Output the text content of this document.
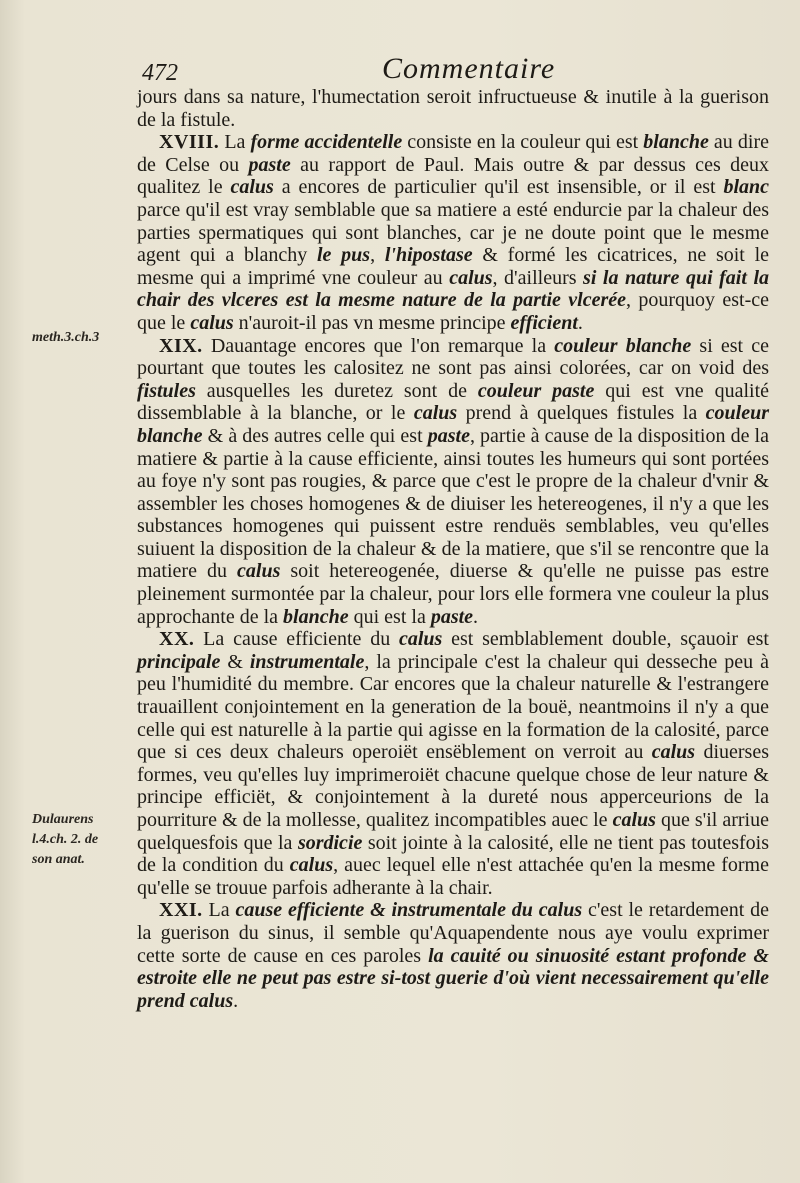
472	Commentaire
meth.3.ch.3
Dulaurens
l.4.ch. 2. de
son anat.

jours dans sa nature, l'humectation seroit infructueuse & inutile à la guerison de la fistule.

XVIII. La forme accidentelle consiste en la couleur qui est blanche au dire de Celse ou paste au rapport de Paul. Mais outre & par dessus ces deux qualitez le calus a encores de particulier qu'il est insensible, or il est blanc parce qu'il est vray semblable que sa matiere a esté endurcie par la chaleur des parties spermatiques qui sont blanches, car je ne doute point que le mesme agent qui a blanchy le pus, l'hipostase & formé les cicatrices, ne soit le mesme qui a imprimé vne couleur au calus, d'ailleurs si la nature qui fait la chair des vlceres est la mesme nature de la partie vlcerée, pourquoy est-ce que le calus n'auroit-il pas vn mesme principe efficient.

XIX. Dauantage encores que l'on remarque la couleur blanche si est ce pourtant que toutes les calositez ne sont pas ainsi colorées, car on void des fistules ausquelles les duretez sont de couleur paste qui est vne qualité dissemblable à la blanche, or le calus prend à quelques fistules la couleur blanche & à des autres celle qui est paste, partie à cause de la disposition de la matiere & partie à la cause efficiente, ainsi toutes les humeurs qui sont portées au foye n'y sont pas rougies, & parce que c'est le propre de la chaleur d'vnir & assembler les choses homogenes & de diuiser les hetereogenes, il n'y a que les substances homogenes qui puissent estre renduës semblables, veu qu'elles suiuent la disposition de la chaleur & de la matiere, que s'il se rencontre que la matiere du calus soit hetereogenée, diuerse & qu'elle ne puisse pas estre pleinement surmontée par la chaleur, pour lors elle formera vne couleur la plus approchante de la blanche qui est la paste.

XX. La cause efficiente du calus est semblablement double, sçauoir est principale & instrumentale, la principale c'est la chaleur qui desseche peu à peu l'humidité du membre. Car encores que la chaleur naturelle & l'estrangere trauaillent conjointement en la generation de la bouë, neantmoins il n'y a que celle qui est naturelle à la partie qui agisse en la formation de la calosité, parce que si ces deux chaleurs operoiët ensëblement on verroit au calus diuerses formes, veu qu'elles luy imprimeroiët chacune quelque chose de leur nature & principe efficiët, & conjointement à la dureté nous apperceurions de la pourriture & de la mollesse, qualitez incompatibles auec le calus que s'il arriue quelquesfois que la sordicie soit jointe à la calosité, elle ne tient pas toutesfois de la condition du calus, auec lequel elle n'est attachée qu'en la mesme forme qu'elle se trouue parfois adherante à la chair.

XXI. La cause efficiente & instrumentale du calus c'est le retardement de la guerison du sinus, il semble qu'Aquapendente nous aye voulu exprimer cette sorte de cause en ces paroles la cauité ou sinuosité estant profonde & estroite elle ne peut pas estre si-tost guerie d'où vient necessairement qu'elle prend calus.
